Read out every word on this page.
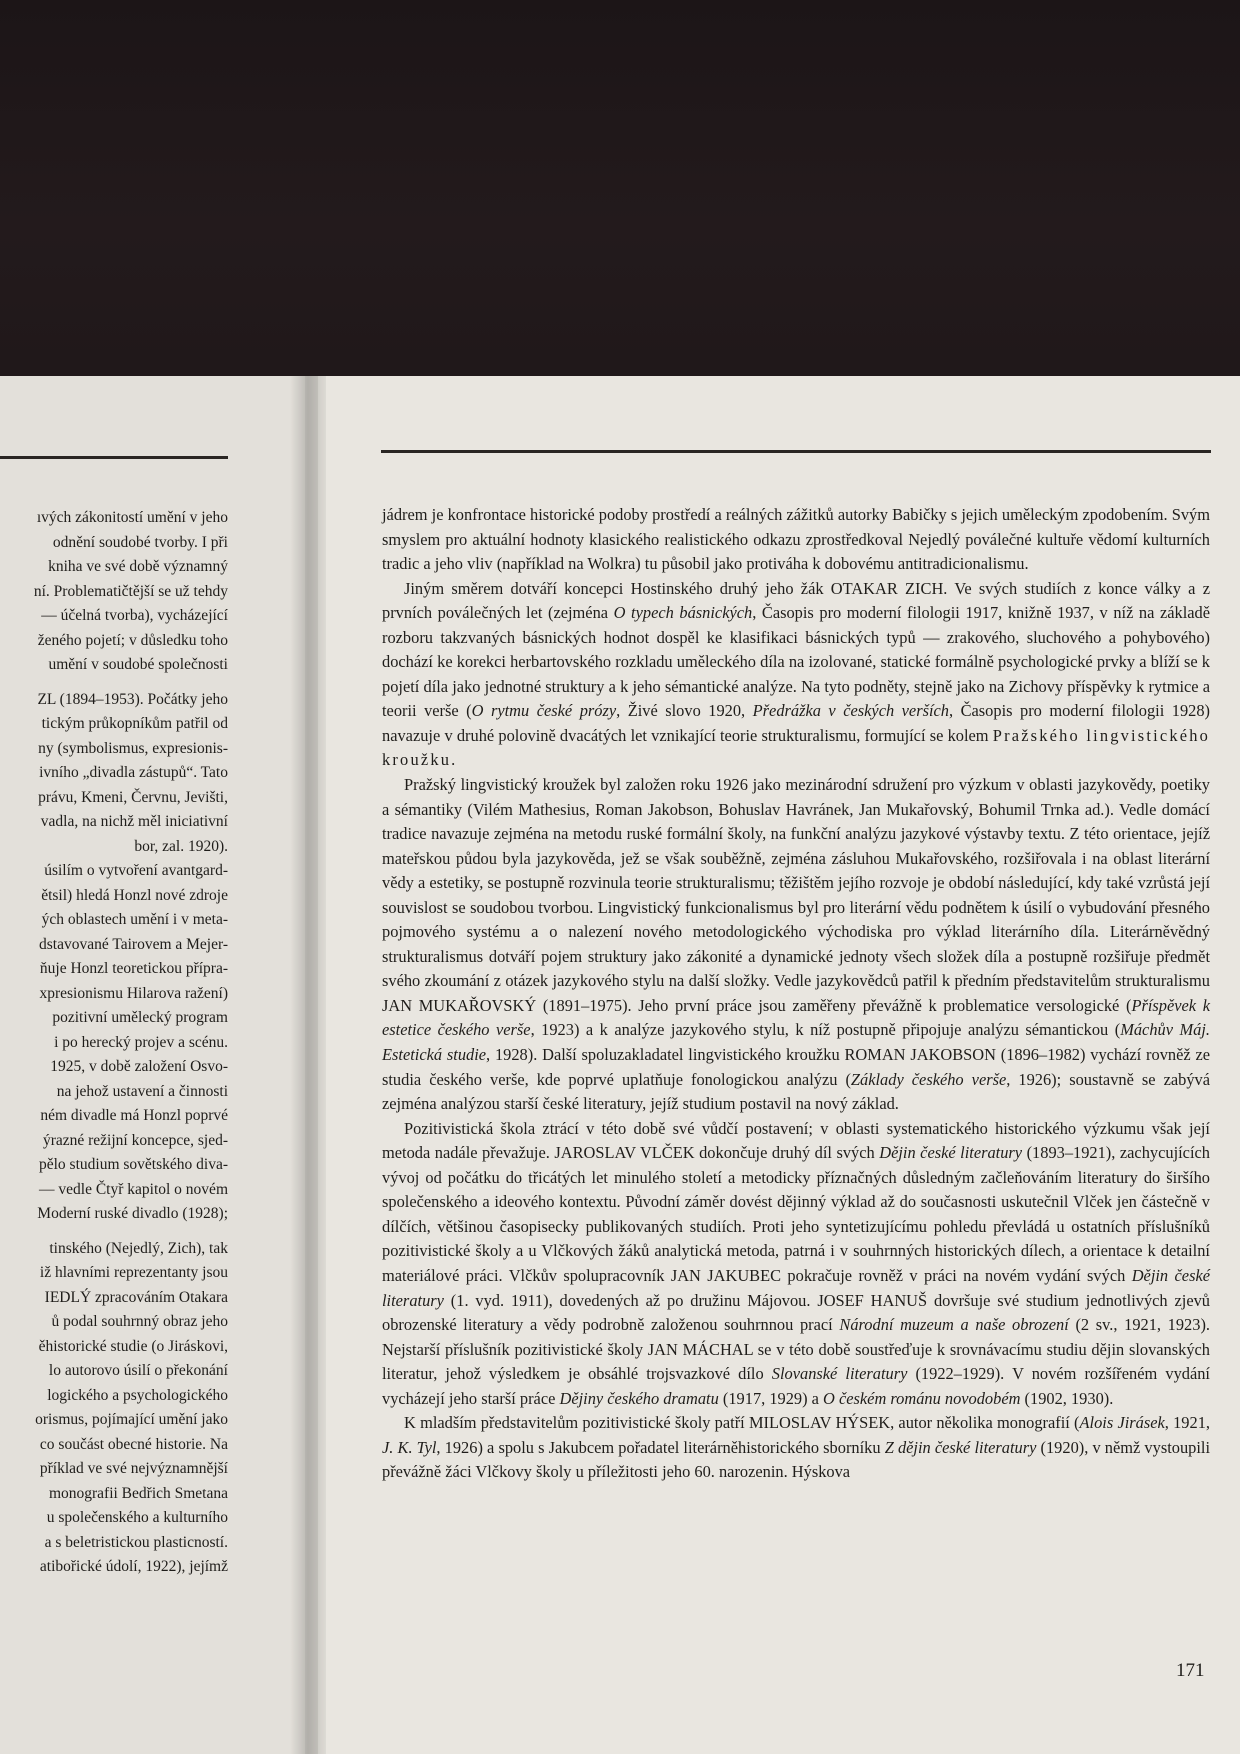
ıvých zákonitostí umění v jeho
odnění soudobé tvorby. I při
kniha ve své době významný
ní. Problematičtější se už tehdy
— účelná tvorba), vycházející
ženého pojetí; v důsledku toho
umění v soudobé společnosti
ZL (1894–1953). Počátky jeho
tickým průkopníkům patřil od
ny (symbolismus, expresionis-
ivního „divadla zástupů“. Tato
právu, Kmeni, Červnu, Jevišti,
vadla, na nichž měl iniciativní
bor, zal. 1920).
úsilím o vytvoření avantgard-
ětsil) hledá Honzl nové zdroje
ých oblastech umění i v meta-
dstavované Tairovem a Mejer-
ňuje Honzl teoretickou přípra-
xpresionismu Hilarova ražení)
pozitivní umělecký program
i po herecký projev a scénu.
1925, v době založení Osvo-
na jehož ustavení a činnosti
ném divadle má Honzl poprvé
ýrazné režijní koncepce, sjed-
pělo studium sovětského diva-
— vedle Čtyř kapitol o novém
Moderní ruské divadlo (1928);
tinského (Nejedlý, Zich), tak
iž hlavními reprezentanty jsou
IEDLÝ zpracováním Otakara
ů podal souhrnný obraz jeho
ěhistorické studie (o Jiráskovi,
lo autorovo úsilí o překonání
logického a psychologického
orismus, pojímající umění jako
co součást obecné historie. Na
příklad ve své nejvýznamnější
monografii Bedřich Smetana
u společenského a kulturního
a s beletristickou plasticností.
atibořické údolí, 1922), jejímž

jádrem je konfrontace historické podoby prostředí a reálných zážitků autorky Babičky s jejich uměleckým zpodobením. Svým smyslem pro aktuální hodnoty klasického realistického odkazu zprostředkoval Nejedlý poválečné kultuře vědomí kulturních tradic a jeho vliv (například na Wolkra) tu působil jako protiváha k dobovému antitradicionalismu.

Jiným směrem dotváří koncepci Hostinského druhý jeho žák OTAKAR ZICH. Ve svých studiích z konce války a z prvních poválečných let (zejména O typech básnických, Časopis pro moderní filologii 1917, knižně 1937, v níž na základě rozboru takzvaných básnických hodnot dospěl ke klasifikaci básnických typů — zrakového, sluchového a pohybového) dochází ke korekci herbartovského rozkladu uměleckého díla na izolované, statické formálně psychologické prvky a blíží se k pojetí díla jako jednotné struktury a k jeho sémantické analýze. Na tyto podněty, stejně jako na Zichovy příspěvky k rytmice a teorii verše (O rytmu české prózy, Živé slovo 1920, Předrážka v českých verších, Časopis pro moderní filologii 1928) navazuje v druhé polovině dvacátých let vznikající teorie strukturalismu, formující se kolem Pražského lingvistického kroužku.

Pražský lingvistický kroužek byl založen roku 1926 jako mezinárodní sdružení pro výzkum v oblasti jazykovědy, poetiky a sémantiky (Vilém Mathesius, Roman Jakobson, Bohuslav Havránek, Jan Mukařovský, Bohumil Trnka ad.). Vedle domácí tradice navazuje zejména na metodu ruské formální školy, na funkční analýzu jazykové výstavby textu. Z této orientace, jejíž mateřskou půdou byla jazykověda, jež se však souběžně, zejména zásluhou Mukařovského, rozšiřovala i na oblast literární vědy a estetiky, se postupně rozvinula teorie strukturalismu; těžištěm jejího rozvoje je období následující, kdy také vzrůstá její souvislost se soudobou tvorbou. Lingvistický funkcionalismus byl pro literární vědu podnětem k úsilí o vybudování přesného pojmového systému a o nalezení nového metodologického východiska pro výklad literárního díla. Literárněvědný strukturalismus dotváří pojem struktury jako zákonité a dynamické jednoty všech složek díla a postupně rozšiřuje předmět svého zkoumání z otázek jazykového stylu na další složky. Vedle jazykovědců patřil k předním představitelům strukturalismu JAN MUKAŘOVSKÝ (1891–1975). Jeho první práce jsou zaměřeny převážně k problematice versologické (Příspěvek k estetice českého verše, 1923) a k analýze jazykového stylu, k níž postupně připojuje analýzu sémantickou (Máchův Máj. Estetická studie, 1928). Další spoluzakladatel lingvistického kroužku ROMAN JAKOBSON (1896–1982) vychází rovněž ze studia českého verše, kde poprvé uplatňuje fonologickou analýzu (Základy českého verše, 1926); soustavně se zabývá zejména analýzou starší české literatury, jejíž studium postavil na nový základ.

Pozitivistická škola ztrácí v této době své vůdčí postavení; v oblasti systematického historického výzkumu však její metoda nadále převažuje. JAROSLAV VLČEK dokončuje druhý díl svých Dějin české literatury (1893–1921), zachycujících vývoj od počátku do třicátých let minulého století a metodicky příznačných důsledným začleňováním literatury do širšího společenského a ideového kontextu. Původní záměr dovést dějinný výklad až do současnosti uskutečnil Vlček jen částečně v dílčích, většinou časopisecky publikovaných studiích. Proti jeho syntetizujícímu pohledu převládá u ostatních příslušníků pozitivistické školy a u Vlčkových žáků analytická metoda, patrná i v souhrnných historických dílech, a orientace k detailní materiálové práci. Vlčkův spolupracovník JAN JAKUBEC pokračuje rovněž v práci na novém vydání svých Dějin české literatury (1. vyd. 1911), dovedených až po družinu Májovou. JOSEF HANUŠ dovršuje své studium jednotlivých zjevů obrozenské literatury a vědy podrobně založenou souhrnnou prací Národní muzeum a naše obrození (2 sv., 1921, 1923). Nejstarší příslušník pozitivistické školy JAN MÁCHAL se v této době soustřeďuje k srovnávacímu studiu dějin slovanských literatur, jehož výsledkem je obsáhlé trojsvazkové dílo Slovanské literatury (1922–1929). V novém rozšířeném vydání vycházejí jeho starší práce Dějiny českého dramatu (1917, 1929) a O českém románu novodobém (1902, 1930).

K mladším představitelům pozitivistické školy patří MILOSLAV HÝSEK, autor několika monografií (Alois Jirásek, 1921, J. K. Tyl, 1926) a spolu s Jakubcem pořadatel literárněhistorického sborníku Z dějin české literatury (1920), v němž vystoupili převážně žáci Vlčkovy školy u příležitosti jeho 60. narozenin. Hýskova

171
